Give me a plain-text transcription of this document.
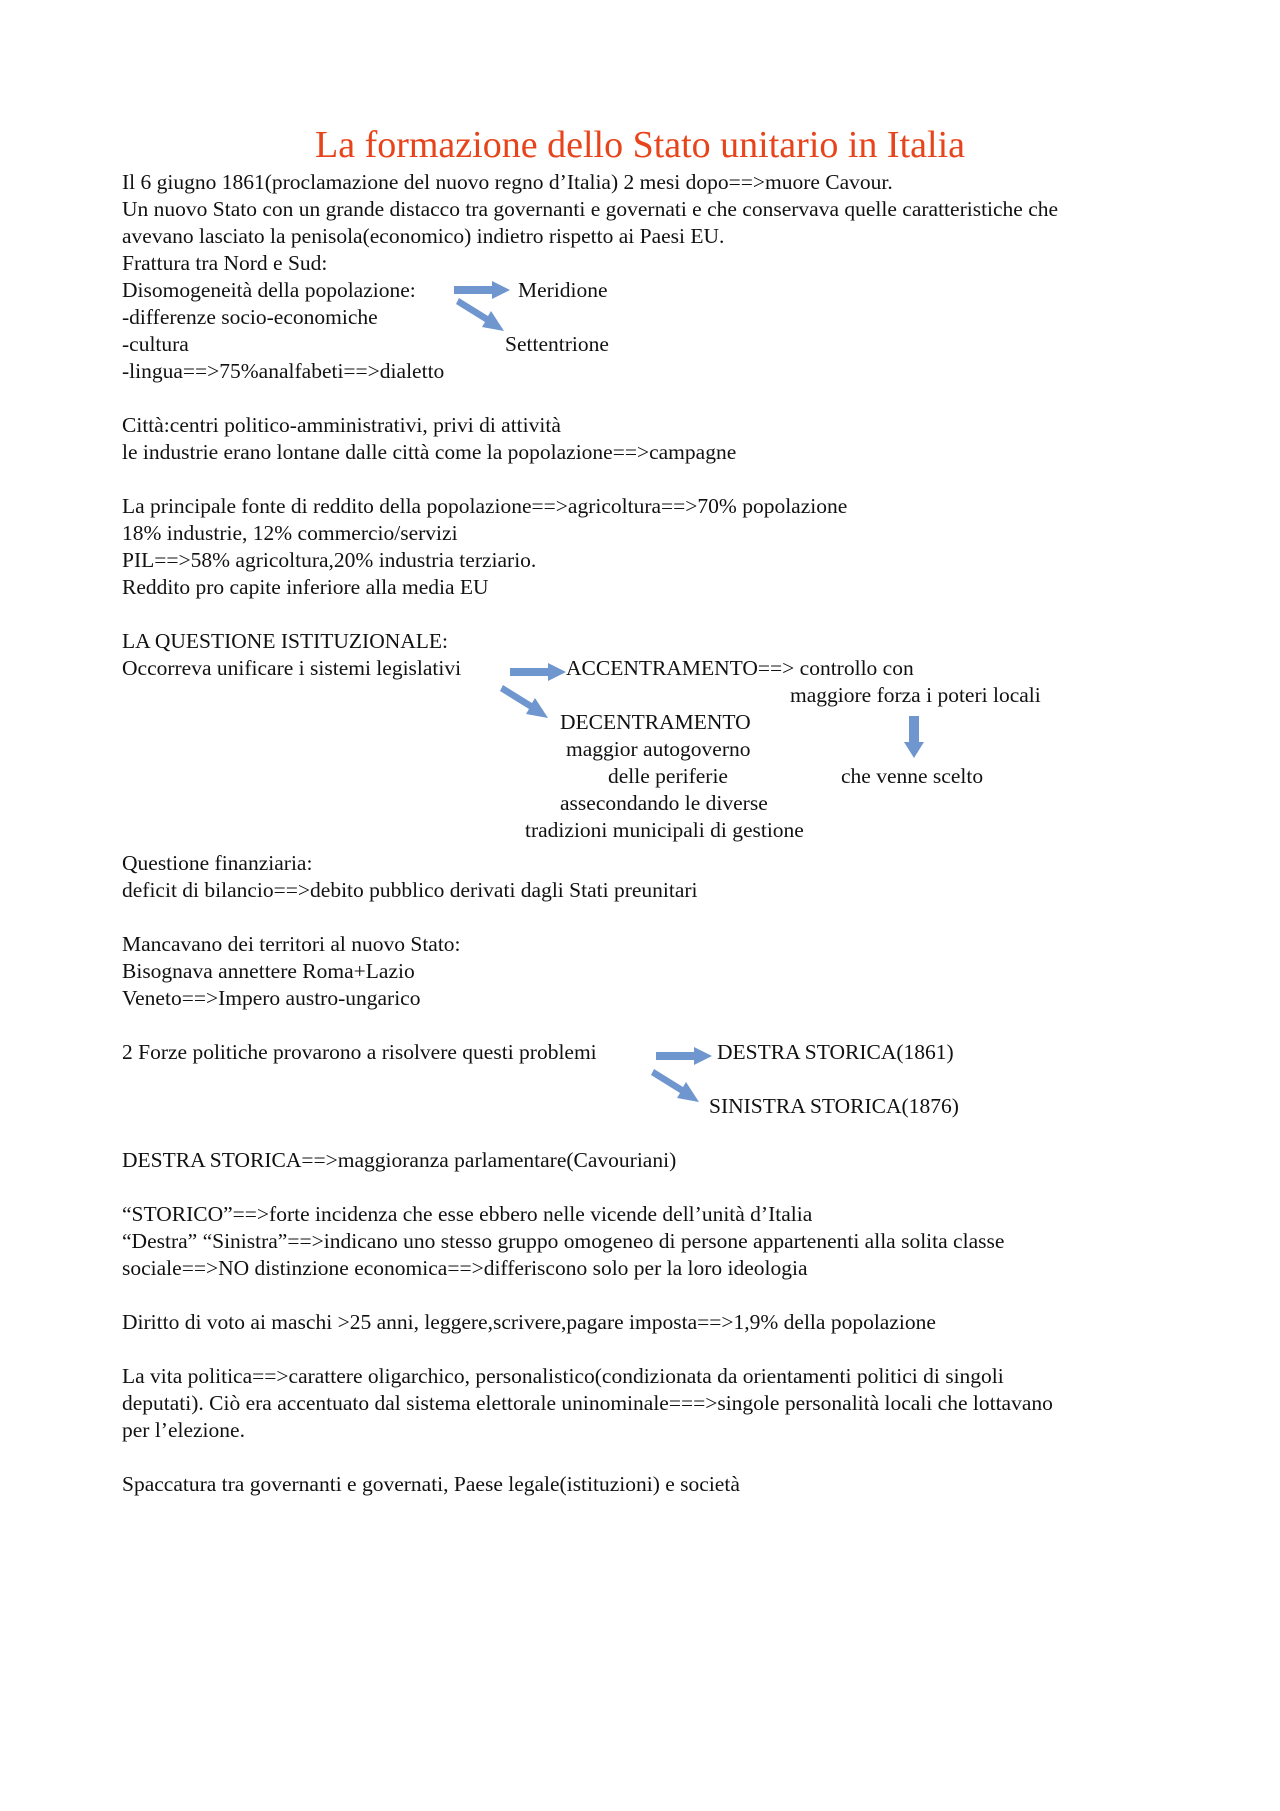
La formazione dello Stato unitario in Italia
Il 6 giugno 1861(proclamazione del nuovo regno d’Italia) 2 mesi dopo==>muore Cavour.
Un nuovo Stato con un grande distacco tra governanti e governati e che conservava quelle caratteristiche che
avevano lasciato la penisola(economico) indietro rispetto ai Paesi EU.
Frattura tra Nord e Sud:
Disomogeneità della popolazione:
-differenze socio-economiche
-cultura
-lingua==>75%analfabeti==>dialetto
Meridione
Settentrione
Città:centri politico-amministrativi, privi di attività
le industrie erano lontane dalle città come la popolazione==>campagne
La principale fonte di reddito della popolazione==>agricoltura==>70% popolazione
18% industrie, 12% commercio/servizi
PIL==>58% agricoltura,20% industria terziario.
Reddito pro capite inferiore alla media EU
LA QUESTIONE ISTITUZIONALE:
Occorreva unificare i sistemi legislativi	ACCENTRAMENTO==> controllo con
maggiore forza i poteri locali
DECENTRAMENTO
maggior autogoverno
delle periferie
assecondando le diverse
tradizioni municipali di gestione
che venne scelto
Questione finanziaria:
deficit di bilancio==>debito pubblico derivati dagli Stati preunitari
Mancavano dei territori al nuovo Stato:
Bisognava annettere Roma+Lazio
Veneto==>Impero austro-ungarico
2 Forze politiche provarono a risolvere questi problemi	DESTRA STORICA(1861)
SINISTRA STORICA(1876)
DESTRA STORICA==>maggioranza parlamentare(Cavouriani)
“STORICO”==>forte incidenza che esse ebbero nelle vicende dell’unità d’Italia
“Destra” “Sinistra”==>indicano uno stesso gruppo omogeneo di persone appartenenti alla solita classe
sociale==>NO distinzione economica==>differiscono solo per la loro ideologia
Diritto di voto ai maschi >25 anni, leggere,scrivere,pagare imposta==>1,9% della popolazione
La vita politica==>carattere oligarchico, personalistico(condizionata da orientamenti politici di singoli
deputati). Ciò era accentuato dal sistema elettorale uninominale===>singole personalità locali che lottavano
per l’elezione.
Spaccatura tra governanti e governati, Paese legale(istituzioni) e società
